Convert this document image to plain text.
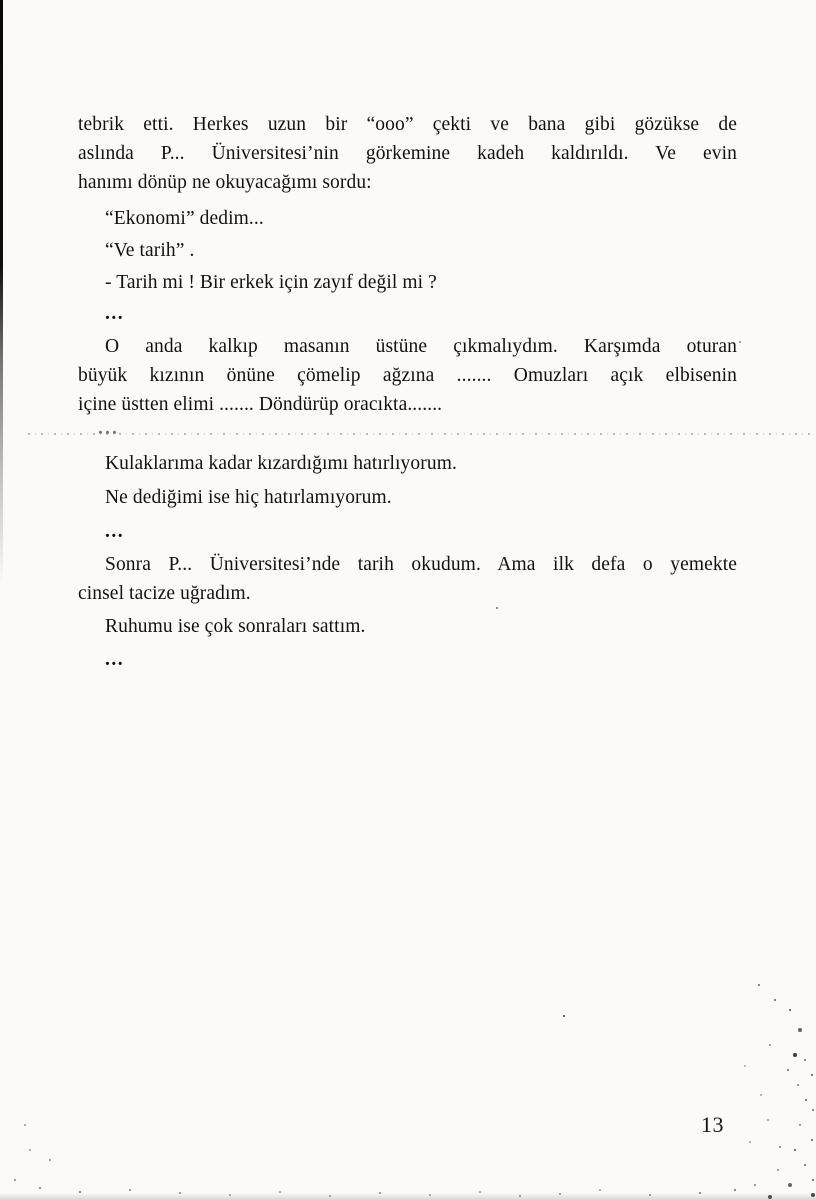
tebrik etti. Herkes uzun bir “ooo” çekti ve bana gibi gözükse de
aslında P... Üniversitesi’nin görkemine kadeh kaldırıldı. Ve evin
hanımı dönüp ne okuyacağımı sordu:
“Ekonomi” dedim...
“Ve tarih” .
- Tarih mi ! Bir erkek için zayıf değil mi ?
...
O anda kalkıp masanın üstüne çıkmalıydım. Karşımda oturan
büyük kızının önüne çömelip ağzına ....... Omuzları açık elbisenin
içine üstten elimi ....... Döndürüp oracıkta.......
Kulaklarıma kadar kızardığımı hatırlıyorum.
Ne dediğimi ise hiç hatırlamıyorum.
...
Sonra P... Üniversitesi’nde tarih okudum. Ama ilk defa o yemekte
cinsel tacize uğradım.
Ruhumu ise çok sonraları sattım.
...
...
13
